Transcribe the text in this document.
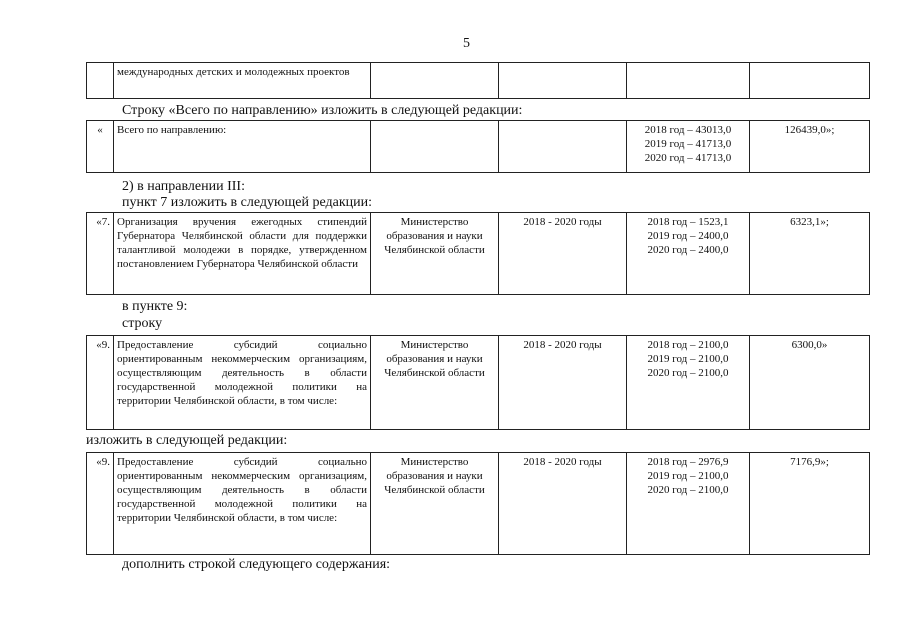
5
	международных детских и молодежных проектов				
Строку «Всего по направлению» изложить в следующей редакции:
«	Всего по направлению:			2018 год – 43013,0
2019 год – 41713,0
2020 год – 41713,0	126439,0»;
2) в направлении III:
пункт 7 изложить в следующей редакции:
«7.	Организация вручения ежегодных стипендий Губернатора Челябинской области для поддержки талантливой молодежи в порядке, утвержденном постановлением Губернатора Челябинской области	Министерство образования и науки Челябинской области	2018 - 2020 годы	2018 год – 1523,1
2019 год – 2400,0
2020 год – 2400,0	6323,1»;
в пункте 9:
строку
«9.	Предоставление субсидий социально ориентированным некоммерческим организациям, осуществляющим деятельность в области государственной молодежной политики на территории Челябинской области, в том числе:	Министерство образования и науки Челябинской области	2018 - 2020 годы	2018 год – 2100,0
2019 год – 2100,0
2020 год – 2100,0	6300,0»
изложить в следующей редакции:
«9.	Предоставление субсидий социально ориентированным некоммерческим организациям, осуществляющим деятельность в области государственной молодежной политики на территории Челябинской области, в том числе:	Министерство образования и науки Челябинской области	2018 - 2020 годы	2018 год – 2976,9
2019 год – 2100,0
2020 год – 2100,0	7176,9»;
дополнить строкой следующего содержания:
